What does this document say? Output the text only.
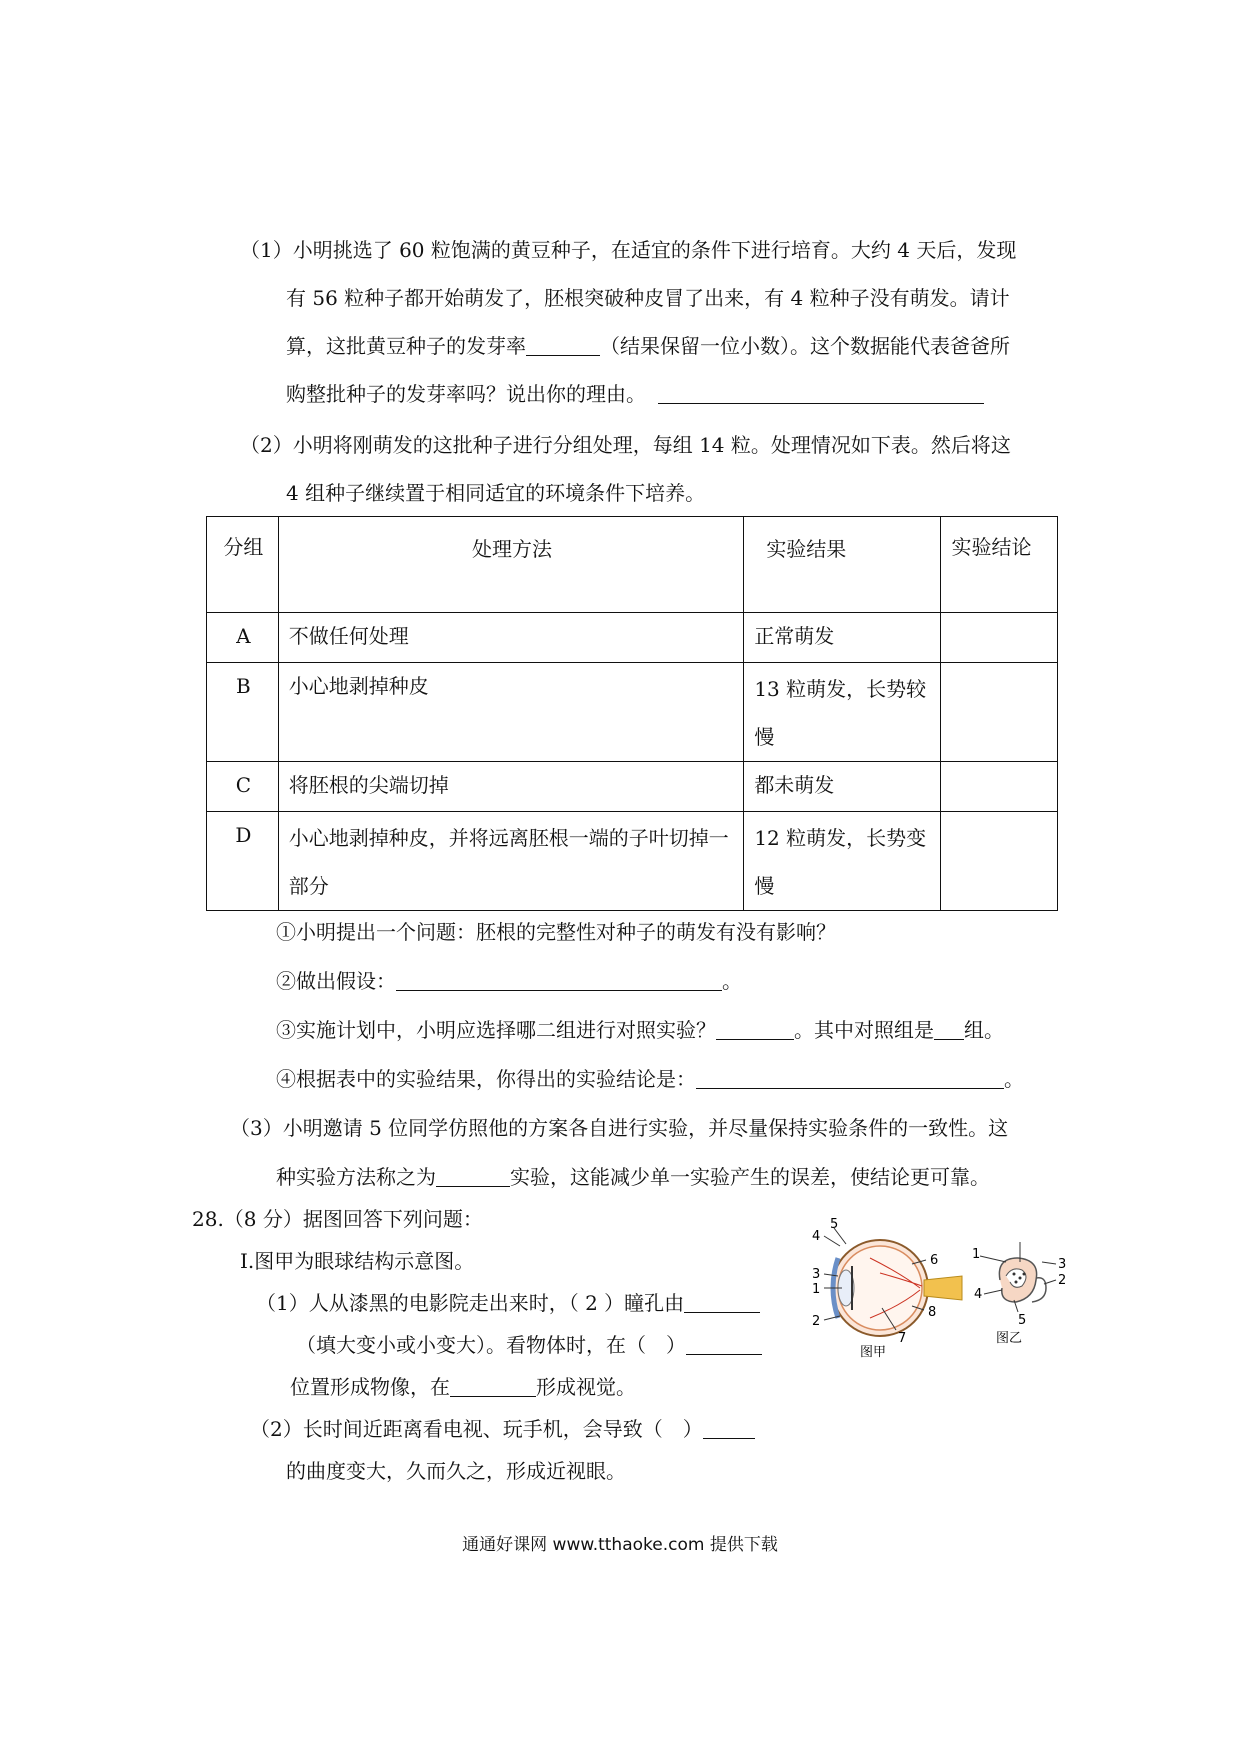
（1）小明挑选了 60 粒饱满的黄豆种子，在适宜的条件下进行培育。大约 4 天后，发现
有 56 粒种子都开始萌发了，胚根突破种皮冒了出来，有 4 粒种子没有萌发。请计
算，这批黄豆种子的发芽率	（结果保留一位小数）。这个数据能代表爸爸所
购整批种子的发芽率吗？说出你的理由。
（2）小明将刚萌发的这批种子进行分组处理，每组 14 粒。处理情况如下表。然后将这
4 组种子继续置于相同适宜的环境条件下培养。
分组	处理方法	实验结果	实验结论
A	不做任何处理	正常萌发	
B	小心地剥掉种皮	13 粒萌发，长势较慢	
C	将胚根的尖端切掉	都未萌发	
D	小心地剥掉种皮，并将远离胚根一端的子叶切掉一部分	12 粒萌发，长势变慢	
①小明提出一个问题：胚根的完整性对种子的萌发有没有影响？
②做出假设：	。
③实施计划中，小明应选择哪二组进行对照实验？	。其中对照组是 组。
④根据表中的实验结果，你得出的实验结论是：	。
（3）小明邀请 5 位同学仿照他的方案各自进行实验，并尽量保持实验条件的一致性。这
种实验方法称之为	实验，这能减少单一实验产生的误差，使结论更可靠。
28.（8 分）据图回答下列问题：
Ⅰ.图甲为眼球结构示意图。
（1）人从漆黑的电影院走出来时，（ 2 ）瞳孔由
（填大变小或小变大）。看物体时，在（　）
位置形成物像，在	形成视觉。
（2）长时间近距离看电视、玩手机，会导致（　）
的曲度变大，久而久之，形成近视眼。
1
2
3
4
5
6
7
8
图甲
1
2
3
4
5
图乙
通通好课网 www.tthaoke.com 提供下载
